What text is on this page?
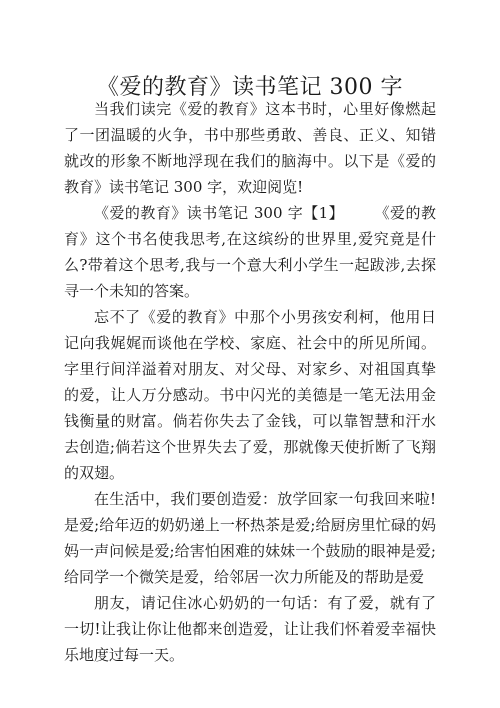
《爱的教育》读书笔记 300 字

当我们读完《爱的教育》这本书时，心里好像燃起了一团温暖的火争，书中那些勇敢、善良、正义、知错就改的形象不断地浮现在我们的脑海中。以下是《爱的教育》读书笔记 300 字，欢迎阅览!

《爱的教育》读书笔记 300 字【1】 《爱的教育》这个书名使我思考,在这缤纷的世界里,爱究竟是什么?带着这个思考,我与一个意大利小学生一起跋涉,去探寻一个未知的答案。

忘不了《爱的教育》中那个小男孩安利柯，他用日记向我娓娓而谈他在学校、家庭、社会中的所见所闻。字里行间洋溢着对朋友、对父母、对家乡、对祖国真挚的爱，让人万分感动。书中闪光的美德是一笔无法用金钱衡量的财富。倘若你失去了金钱，可以靠智慧和汗水去创造;倘若这个世界失去了爱，那就像天使折断了飞翔的双翅。

在生活中，我们要创造爱：放学回家一句我回来啦!是爱;给年迈的奶奶递上一杯热茶是爱;给厨房里忙碌的妈妈一声问候是爱;给害怕困难的妹妹一个鼓励的眼神是爱;给同学一个微笑是爱，给邻居一次力所能及的帮助是爱

朋友，请记住冰心奶奶的一句话：有了爱，就有了一切!让我让你让他都来创造爱，让让我们怀着爱幸福快乐地度过每一天。
